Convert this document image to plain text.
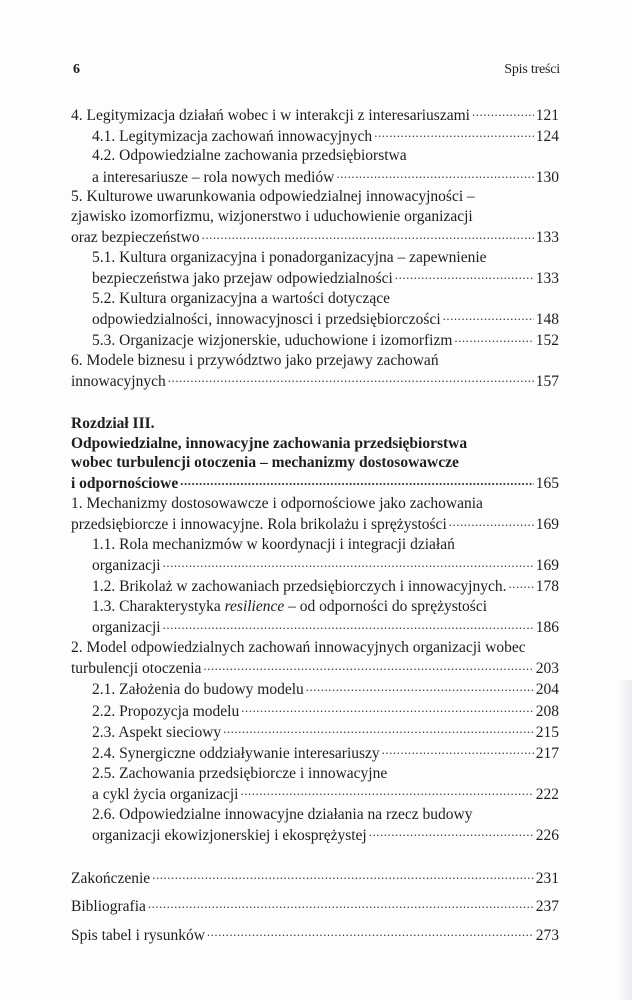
6	Spis treści
4. Legitymizacja działań wobec i w interakcji z interesariuszami .....	121
4.1. Legitymizacja zachowań innowacyjnych .....	124
4.2. Odpowiedzialne zachowania przedsiębiorstwa
a interesariusze – rola nowych mediów .....	130
5. Kulturowe uwarunkowania odpowiedzialnej innowacyjności –
zjawisko izomorfizmu, wizjonerstwo i uduchowienie organizacji
oraz bezpieczeństwo .....	133
5.1. Kultura organizacyjna i ponadorganizacyjna – zapewnienie
bezpieczeństwa jako przejaw odpowiedzialności .....	133
5.2. Kultura organizacyjna a wartości dotyczące
odpowiedzialności, innowacyjnosci i przedsiębiorczości .....	148
5.3. Organizacje wizjonerskie, uduchowione i izomorfizm .....	152
6. Modele biznesu i przywództwo jako przejawy zachowań
innowacyjnych .....	157
Rozdział III.
Odpowiedzialne, innowacyjne zachowania przedsiębiorstwa
wobec turbulencji otoczenia – mechanizmy dostosowawcze
i odpornościowe .....	165
1. Mechanizmy dostosowawcze i odpornościowe jako zachowania
przedsiębiorcze i innowacyjne. Rola brikolażu i sprężystości .....	169
1.1. Rola mechanizmów w koordynacji i integracji działań
organizacji .....	169
1.2. Brikolaż w zachowaniach przedsiębiorczych i innowacyjnych. ..... 178
1.3. Charakterystyka resilience – od odporności do sprężystości
organizacji .....	186
2. Model odpowiedzialnych zachowań innowacyjnych organizacji wobec
turbulencji otoczenia .....	203
2.1. Założenia do budowy modelu .....	204
2.2. Propozycja modelu .....	208
2.3. Aspekt sieciowy .....	215
2.4. Synergiczne oddziaływanie interesariuszy .....	217
2.5. Zachowania przedsiębiorcze i innowacyjne
a cykl życia organizacji .....	222
2.6. Odpowiedzialne innowacyjne działania na rzecz budowy
organizacji ekowizjonerskiej i ekosprężystej .....	226
Zakończenie .....	231
Bibliografia .....	237
Spis tabel i rysunków .....	273
